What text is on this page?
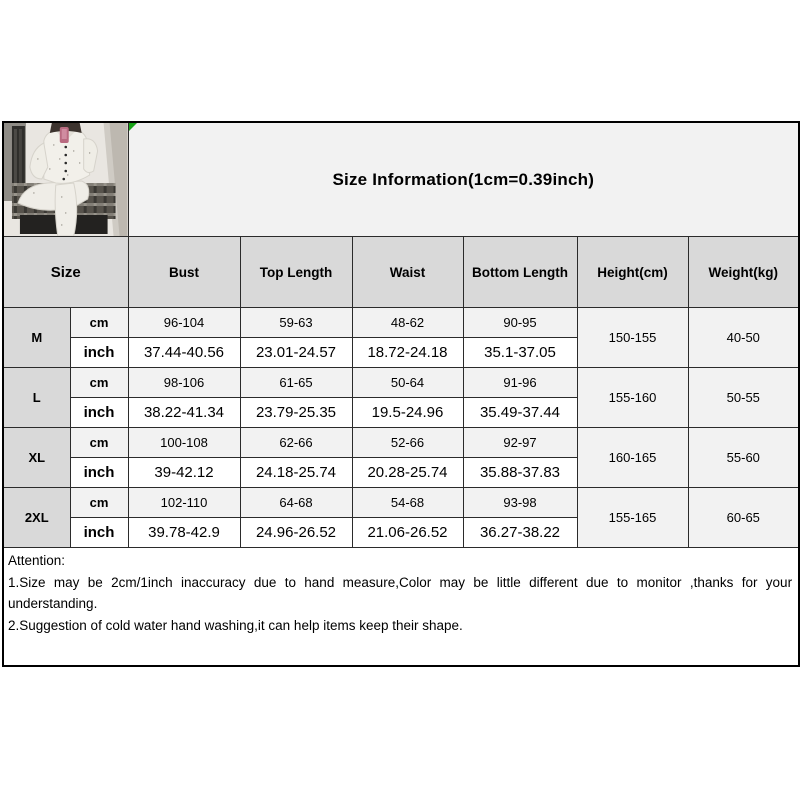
Size Information(1cm=0.39inch)					
Size		Bust	Top Length	Waist	Bottom Length	Height(cm)	Weight(kg)
M	cm	96-104	59-63	48-62	90-95	150-155	40-50
	inch	37.44-40.56	23.01-24.57	18.72-24.18	35.1-37.05		
L	cm	98-106	61-65	50-64	91-96	155-160	50-55
	inch	38.22-41.34	23.79-25.35	19.5-24.96	35.49-37.44		
XL	cm	100-108	62-66	52-66	92-97	160-165	55-60
	inch	39-42.12	24.18-25.74	20.28-25.74	35.88-37.83		
2XL	cm	102-110	64-68	54-68	93-98	155-165	60-65
	inch	39.78-42.9	24.96-26.52	21.06-26.52	36.27-38.22		

Attention:
1.Size may be 2cm/1inch inaccuracy due to hand measure,Color may be little different due to monitor ,thanks for your understanding.
2.Suggestion of cold water hand washing,it can help items keep their shape.							
